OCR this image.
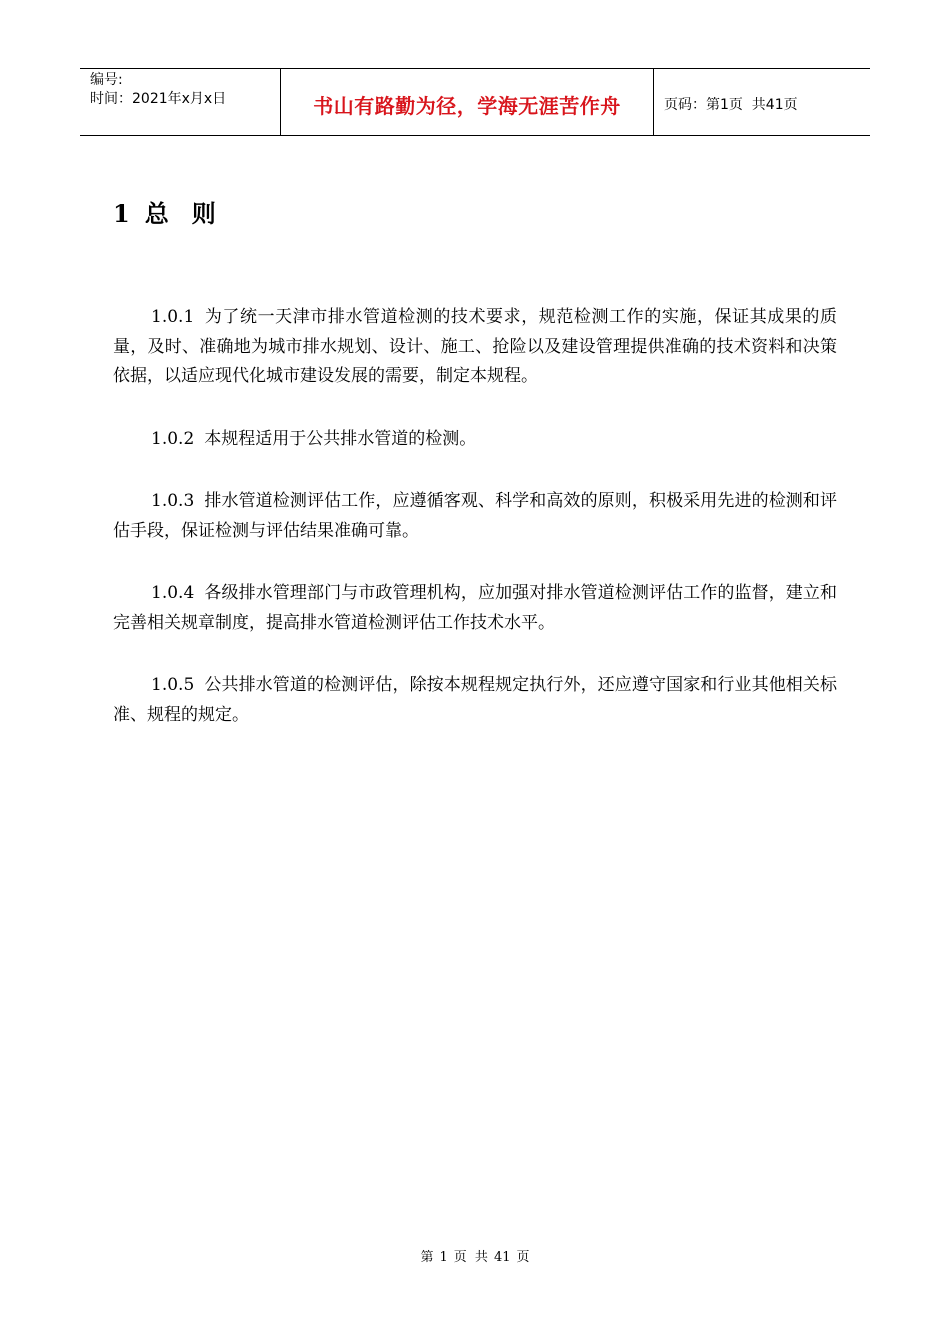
编号:
时间：2021年x月x日	书山有路勤为径，学海无涯苦作舟	页码：第1页  共41页
1 总 则

1.0.1 为了统一天津市排水管道检测的技术要求，规范检测工作的实施，保证其成果的质量，及时、准确地为城市排水规划、设计、施工、抢险以及建设管理提供准确的技术资料和决策依据，以适应现代化城市建设发展的需要，制定本规程。

1.0.2 本规程适用于公共排水管道的检测。

1.0.3 排水管道检测评估工作，应遵循客观、科学和高效的原则，积极采用先进的检测和评估手段，保证检测与评估结果准确可靠。

1.0.4 各级排水管理部门与市政管理机构，应加强对排水管道检测评估工作的监督，建立和完善相关规章制度，提高排水管道检测评估工作技术水平。

1.0.5 公共排水管道的检测评估，除按本规程规定执行外，还应遵守国家和行业其他相关标准、规程的规定。

第 1 页 共 41 页
